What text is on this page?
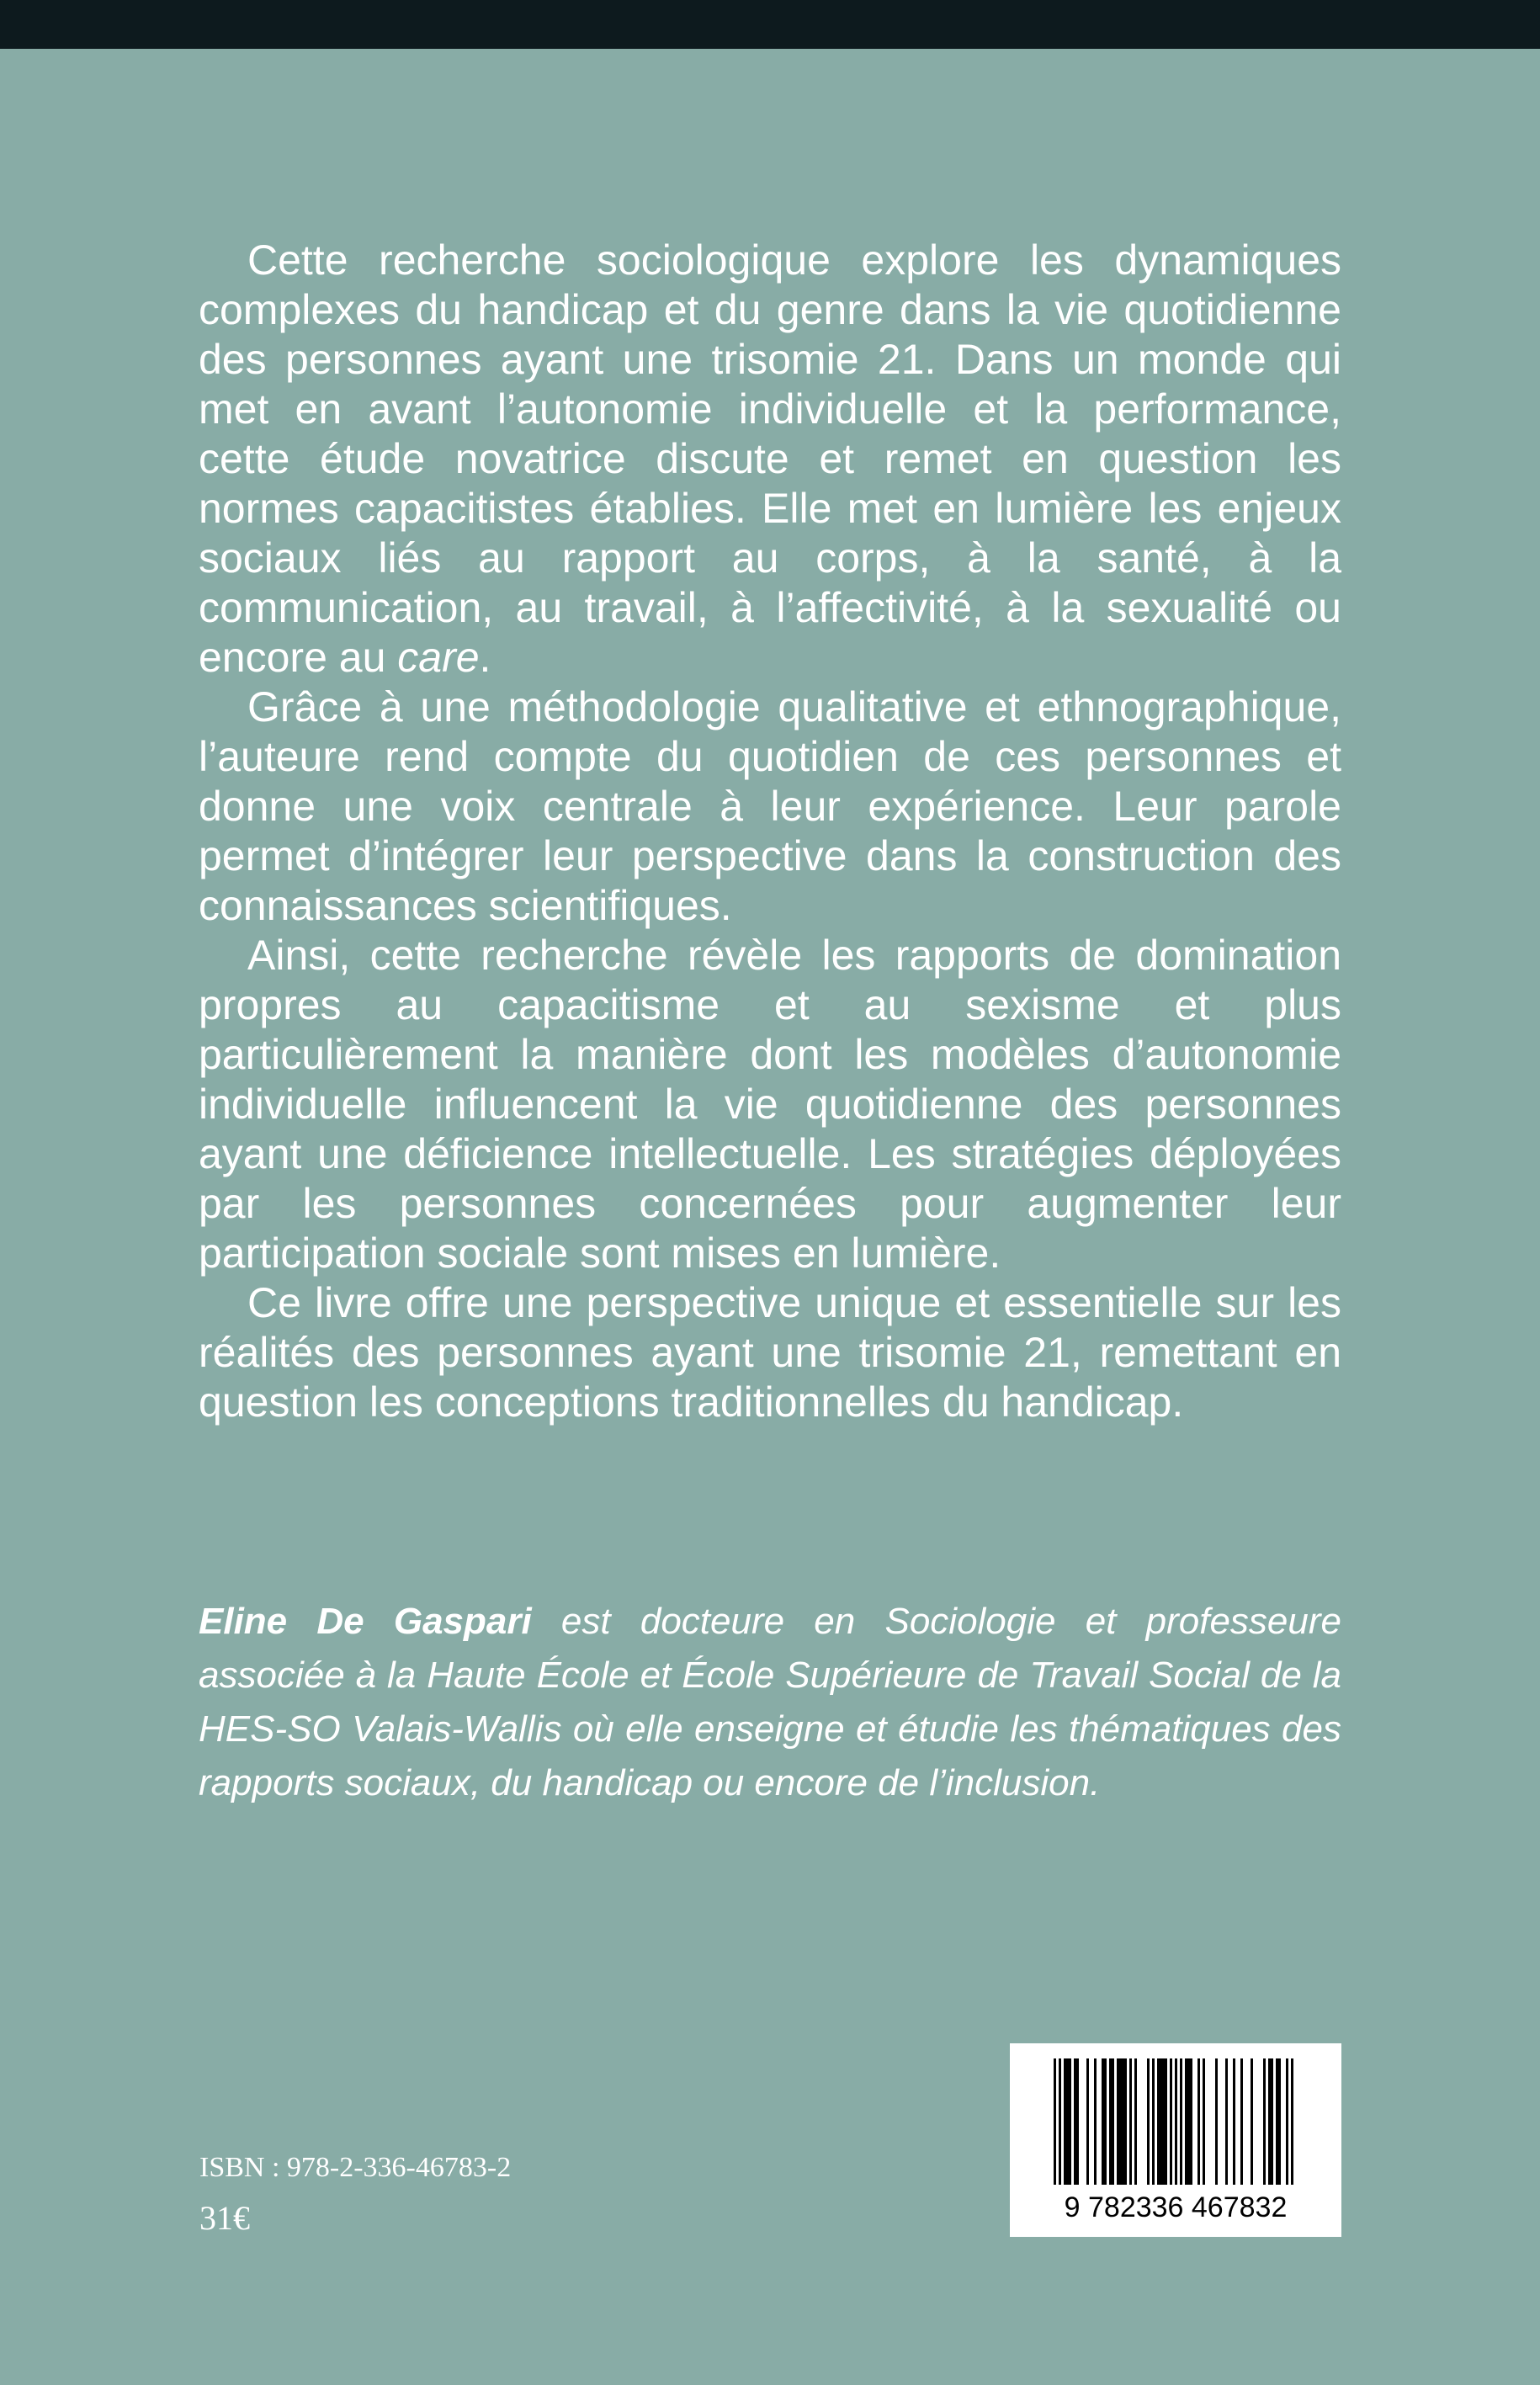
Cette recherche sociologique explore les dynamiques complexes du handicap et du genre dans la vie quotidienne des personnes ayant une trisomie 21. Dans un monde qui met en avant l’autonomie individuelle et la performance, cette étude novatrice discute et remet en question les normes capacitistes établies. Elle met en lumière les enjeux sociaux liés au rapport au corps, à la santé, à la communication, au travail, à l’affectivité, à la sexualité ou encore au care.

Grâce à une méthodologie qualitative et ethnographique, l’auteure rend compte du quotidien de ces personnes et donne une voix centrale à leur expérience. Leur parole permet d’intégrer leur perspective dans la construction des connaissances scientifiques.

Ainsi, cette recherche révèle les rapports de domination propres au capacitisme et au sexisme et plus particulièrement la manière dont les modèles d’autonomie individuelle influencent la vie quotidienne des personnes ayant une déficience intellectuelle. Les stratégies déployées par les personnes concernées pour augmenter leur participation sociale sont mises en lumière.

Ce livre offre une perspective unique et essentielle sur les réalités des personnes ayant une trisomie 21, remettant en question les conceptions traditionnelles du handicap.

Eline De Gaspari est docteure en Sociologie et professeure associée à la Haute École et École Supérieure de Travail Social de la HES-SO Valais-Wallis où elle enseigne et étudie les thématiques des rapports sociaux, du handicap ou encore de l’inclusion.

ISBN : 978-2-336-46783-2

31€	9 782336 467832
